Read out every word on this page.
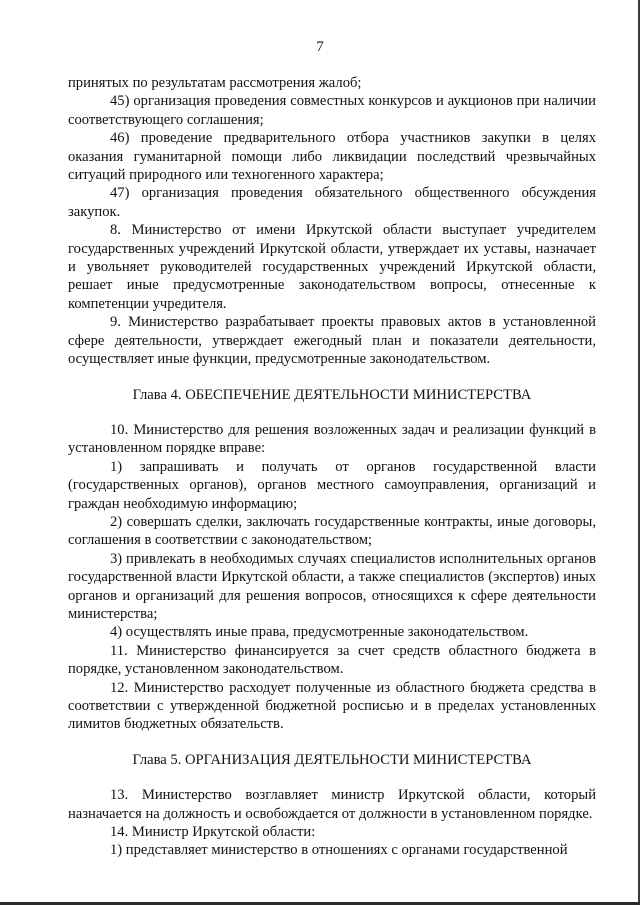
7

принятых по результатам рассмотрения жалоб;

45) организация проведения совместных конкурсов и аукционов при наличии соответствующего соглашения;

46) проведение предварительного отбора участников закупки в целях оказания гуманитарной помощи либо ликвидации последствий чрезвычайных ситуаций природного или техногенного характера;

47) организация проведения обязательного общественного обсуждения закупок.

8. Министерство от имени Иркутской области выступает учредителем государственных учреждений Иркутской области, утверждает их уставы, назначает и увольняет руководителей государственных учреждений Иркутской области, решает иные предусмотренные законодательством вопросы, отнесенные к компетенции учредителя.

9. Министерство разрабатывает проекты правовых актов в установленной сфере деятельности, утверждает ежегодный план и показатели деятельности, осуществляет иные функции, предусмотренные законодательством.

Глава 4. ОБЕСПЕЧЕНИЕ ДЕЯТЕЛЬНОСТИ МИНИСТЕРСТВА

10. Министерство для решения возложенных задач и реализации функций в установленном порядке вправе:

1) запрашивать и получать от органов государственной власти (государственных органов), органов местного самоуправления, организаций и граждан необходимую информацию;

2) совершать сделки, заключать государственные контракты, иные договоры, соглашения в соответствии с законодательством;

3) привлекать в необходимых случаях специалистов исполнительных органов государственной власти Иркутской области, а также специалистов (экспертов) иных органов и организаций для решения вопросов, относящихся к сфере деятельности министерства;

4) осуществлять иные права, предусмотренные законодательством.

11. Министерство финансируется за счет средств областного бюджета в порядке, установленном законодательством.

12. Министерство расходует полученные из областного бюджета средства в соответствии с утвержденной бюджетной росписью и в пределах установленных лимитов бюджетных обязательств.

Глава 5. ОРГАНИЗАЦИЯ ДЕЯТЕЛЬНОСТИ МИНИСТЕРСТВА

13. Министерство возглавляет министр Иркутской области, который назначается на должность и освобождается от должности в установленном порядке.

14. Министр Иркутской области:

1) представляет министерство в отношениях с органами государственной
